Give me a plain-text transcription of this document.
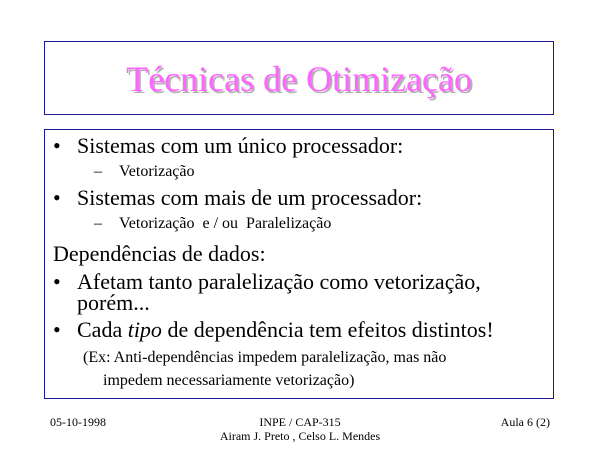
Técnicas de Otimização
• Sistemas com um único processador:
– Vetorização
• Sistemas com mais de um processador:
– Vetorização  e / ou  Paralelização
Dependências de dados:
• Afetam tanto paralelização como vetorização,
porém...
• Cada tipo de dependência tem efeitos distintos!
(Ex: Anti-dependências impedem paralelização, mas não
impedem necessariamente vetorização)
05-10-1998	INPE / CAP-315
Airam J. Preto , Celso L. Mendes
Aula 6 (2)
